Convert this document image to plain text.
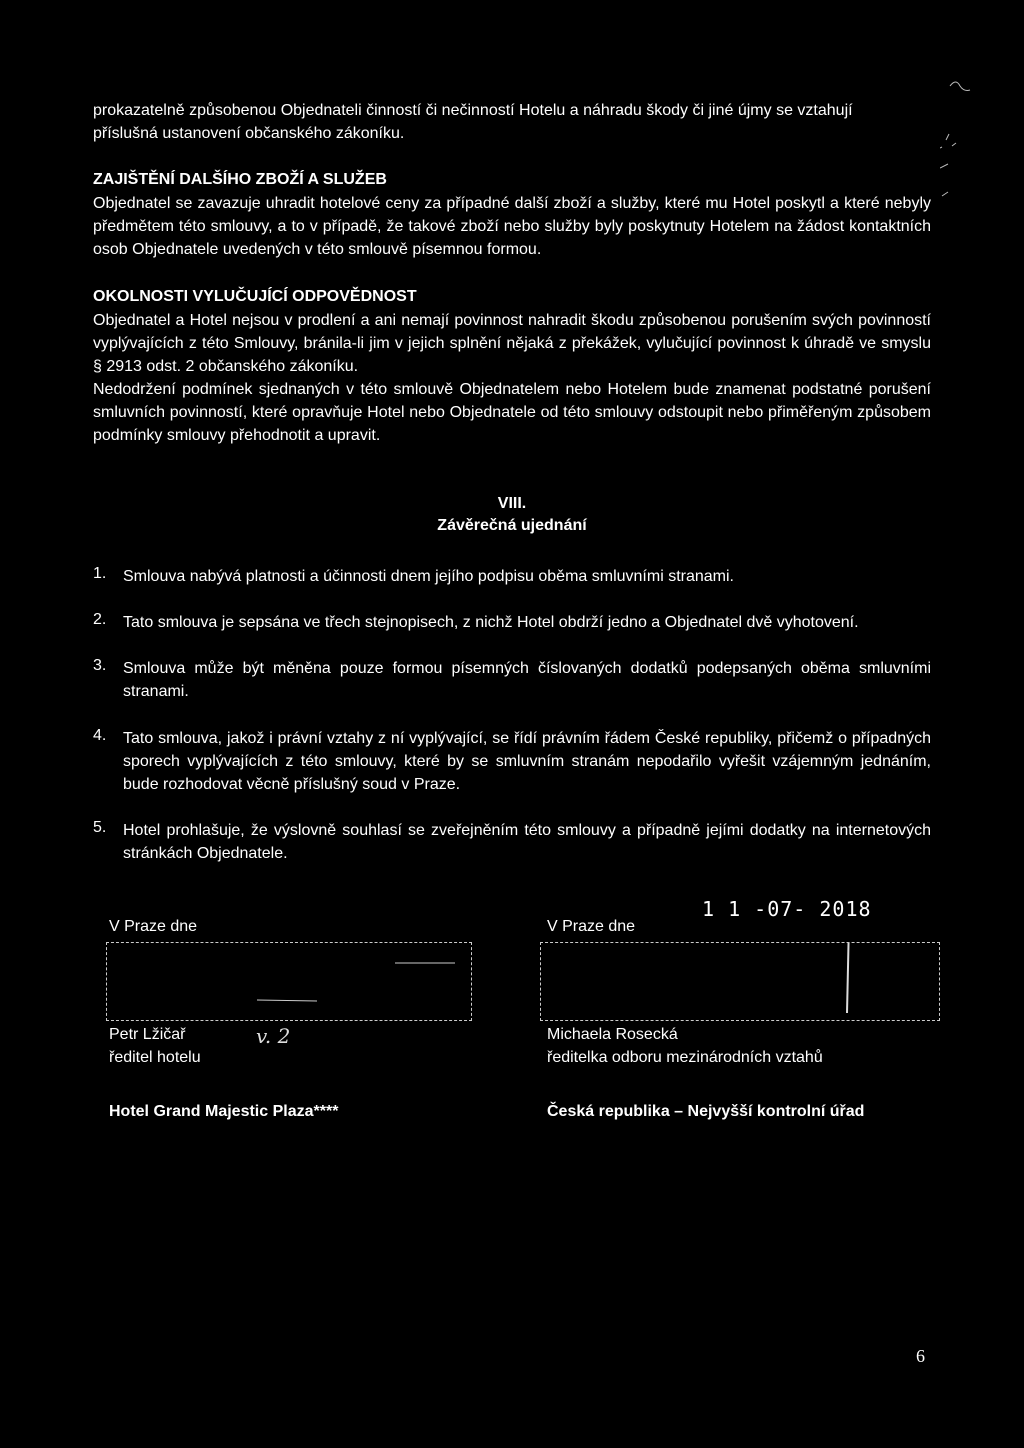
prokazatelně způsobenou Objednateli činností či nečinností Hotelu a náhradu škody či jiné újmy se vztahují

příslušná ustanovení občanského zákoníku.

ZAJIŠTĚNÍ DALŠÍHO ZBOŽÍ A SLUŽEB

Objednatel se zavazuje uhradit hotelové ceny za případné další zboží a služby, které mu Hotel poskytl a které nebyly předmětem této smlouvy, a to v případě, že takové zboží nebo služby byly poskytnuty Hotelem na žádost kontaktních osob Objednatele uvedených v této smlouvě písemnou formou.

OKOLNOSTI VYLUČUJÍCÍ ODPOVĚDNOST

Objednatel a Hotel nejsou v prodlení a ani nemají povinnost nahradit škodu způsobenou porušením svých povinností vyplývajících z této Smlouvy, bránila-li jim v jejich splnění nějaká z překážek, vylučující povinnost k úhradě ve smyslu § 2913 odst. 2 občanského zákoníku.

Nedodržení podmínek sjednaných v této smlouvě Objednatelem nebo Hotelem bude znamenat podstatné porušení smluvních povinností, které opravňuje Hotel nebo Objednatele od této smlouvy odstoupit nebo přiměřeným způsobem podmínky smlouvy přehodnotit a upravit.

VIII.
Závěrečná ujednání
1.	Smlouva nabývá platnosti a účinnosti dnem jejího podpisu oběma smluvními stranami.
2.	Tato smlouva je sepsána ve třech stejnopisech, z nichž Hotel obdrží jedno a Objednatel dvě vyhotovení.
3.	Smlouva může být měněna pouze formou písemných číslovaných dodatků podepsaných oběma smluvními stranami.
4.	Tato smlouva, jakož i právní vztahy z ní vyplývající, se řídí právním řádem České republiky, přičemž o případných sporech vyplývajících z této smlouvy, které by se smluvním stranám nepodařilo vyřešit vzájemným jednáním, bude rozhodovat věcně příslušný soud v Praze.
5.	Hotel prohlašuje, že výslovně souhlasí se zveřejněním této smlouvy a případně jejími dodatky na internetových stránkách Objednatele.
V Praze dne
Petr Lžičař	v. 2
ředitel hotelu
Hotel Grand Majestic Plaza****
V Praze dne
1 1 -07- 2018
Michaela Rosecká
ředitelka odboru mezinárodních vztahů
Česká republika – Nejvyšší kontrolní úřad
6
